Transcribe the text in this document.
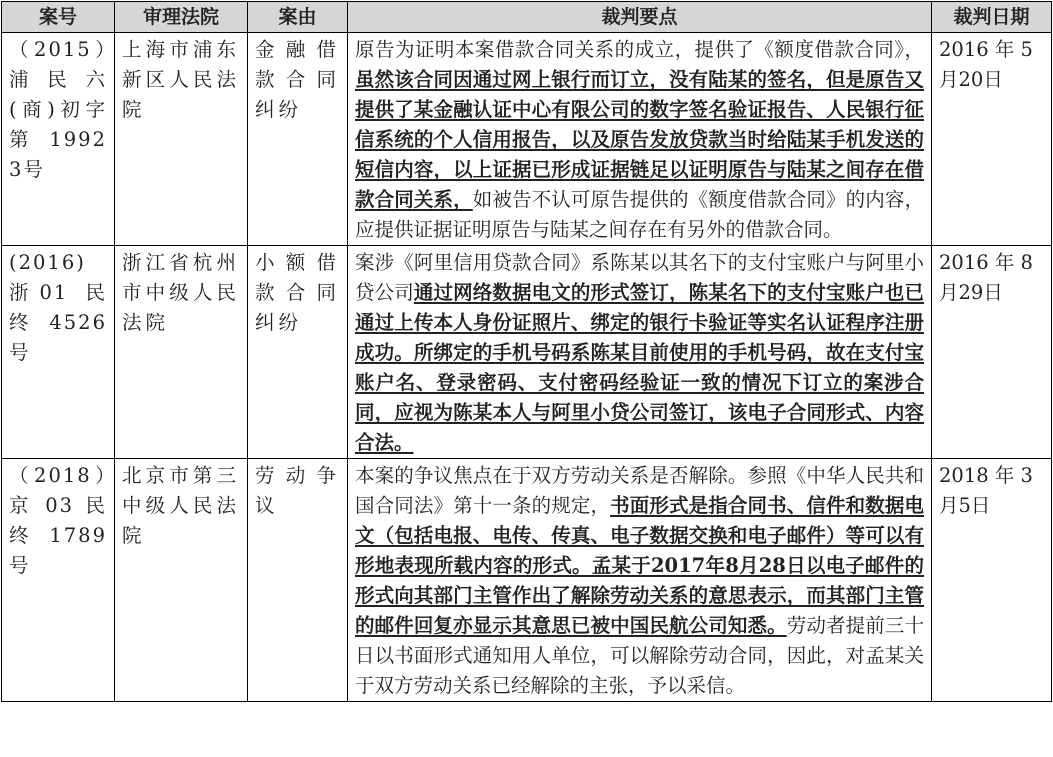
案号	审理法院	案由	裁判要点	裁判日期
（2015）浦民六(商)初字第 19923号	上海市浦东新区人民法院	金融借款合同纠纷	原告为证明本案借款合同关系的成立，提供了《额度借款合同》，虽然该合同因通过网上银行而订立，没有陆某的签名，但是原告又提供了某金融认证中心有限公司的数字签名验证报告、人民银行征信系统的个人信用报告，以及原告发放贷款当时给陆某手机发送的短信内容，以上证据已形成证据链足以证明原告与陆某之间存在借款合同关系，如被告不认可原告提供的《额度借款合同》的内容，应提供证据证明原告与陆某之间存在有另外的借款合同。	2016 年 5月20日
(2016)浙01 民终4526 号	浙江省杭州市中级人民法院	小额借款合同纠纷	案涉《阿里信用贷款合同》系陈某以其名下的支付宝账户与阿里小贷公司通过网络数据电文的形式签订，陈某名下的支付宝账户也已通过上传本人身份证照片、绑定的银行卡验证等实名认证程序注册成功。所绑定的手机号码系陈某目前使用的手机号码，故在支付宝账户名、登录密码、支付密码经验证一致的情况下订立的案涉合同，应视为陈某本人与阿里小贷公司签订，该电子合同形式、内容合法。	2016 年 8月29日
（2018）京 03 民终 1789号	北京市第三中级人民法院	劳动争议	本案的争议焦点在于双方劳动关系是否解除。参照《中华人民共和国合同法》第十一条的规定，书面形式是指合同书、信件和数据电文（包括电报、电传、传真、电子数据交换和电子邮件）等可以有形地表现所载内容的形式。孟某于2017年8月28日以电子邮件的形式向其部门主管作出了解除劳动关系的意思表示，而其部门主管的邮件回复亦显示其意思已被中国民航公司知悉。劳动者提前三十日以书面形式通知用人单位，可以解除劳动合同，因此，对孟某关于双方劳动关系已经解除的主张，予以采信。	2018 年 3月5日
